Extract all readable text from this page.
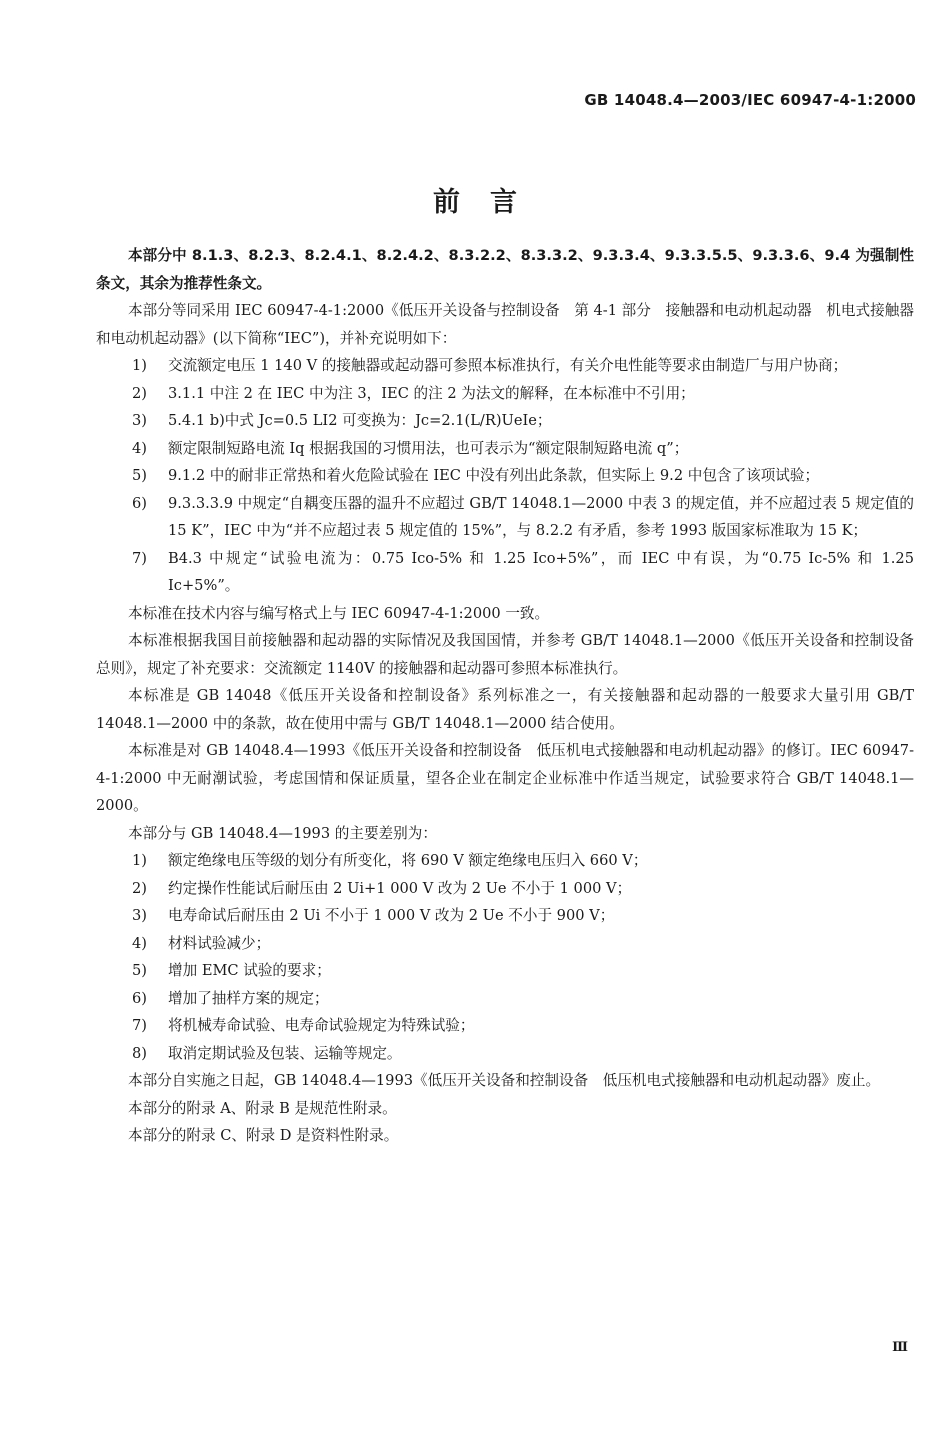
GB 14048.4—2003/IEC 60947-4-1:2000
前言

本部分中 8.1.3、8.2.3、8.2.4.1、8.2.4.2、8.3.2.2、8.3.3.2、9.3.3.4、9.3.3.5.5、9.3.3.6、9.4 为强制性条文，其余为推荐性条文。

本部分等同采用 IEC 60947-4-1:2000《低压开关设备与控制设备　第 4-1 部分　接触器和电动机起动器　机电式接触器和电动机起动器》(以下简称“IEC”)，并补充说明如下：

1)	交流额定电压 1 140 V 的接触器或起动器可参照本标准执行，有关介电性能等要求由制造厂与用户协商；
2)	3.1.1 中注 2 在 IEC 中为注 3，IEC 的注 2 为法文的解释，在本标准中不引用；
3)	5.4.1 b)中式 Jc=0.5 LI2 可变换为：Jc=2.1(L/R)UeIe；
4)	额定限制短路电流 Iq 根据我国的习惯用法，也可表示为“额定限制短路电流 q”；
5)	9.1.2 中的耐非正常热和着火危险试验在 IEC 中没有列出此条款，但实际上 9.2 中包含了该项试验；
6)	9.3.3.3.9 中规定“自耦变压器的温升不应超过 GB/T 14048.1—2000 中表 3 的规定值，并不应超过表 5 规定值的 15 K”，IEC 中为“并不应超过表 5 规定值的 15%”，与 8.2.2 有矛盾，参考 1993 版国家标准取为 15 K；
7)	B4.3 中规定“试验电流为：0.75 Ico-5% 和 1.25 Ico+5%”，而 IEC 中有误，为“0.75 Ic-5% 和 1.25 Ic+5%”。

本标准在技术内容与编写格式上与 IEC 60947-4-1:2000 一致。

本标准根据我国目前接触器和起动器的实际情况及我国国情，并参考 GB/T 14048.1—2000《低压开关设备和控制设备　总则》，规定了补充要求：交流额定 1140V 的接触器和起动器可参照本标准执行。

本标准是 GB 14048《低压开关设备和控制设备》系列标准之一，有关接触器和起动器的一般要求大量引用 GB/T 14048.1—2000 中的条款，故在使用中需与 GB/T 14048.1—2000 结合使用。

本标准是对 GB 14048.4—1993《低压开关设备和控制设备　低压机电式接触器和电动机起动器》的修订。IEC 60947-4-1:2000 中无耐潮试验，考虑国情和保证质量，望各企业在制定企业标准中作适当规定，试验要求符合 GB/T 14048.1—2000。

本部分与 GB 14048.4—1993 的主要差别为：

1)	额定绝缘电压等级的划分有所变化，将 690 V 额定绝缘电压归入 660 V；
2)	约定操作性能试后耐压由 2 Ui+1 000 V 改为 2 Ue 不小于 1 000 V；
3)	电寿命试后耐压由 2 Ui 不小于 1 000 V 改为 2 Ue 不小于 900 V；
4)	材料试验减少；
5)	增加 EMC 试验的要求；
6)	增加了抽样方案的规定；
7)	将机械寿命试验、电寿命试验规定为特殊试验；
8)	取消定期试验及包装、运输等规定。

本部分自实施之日起，GB 14048.4—1993《低压开关设备和控制设备　低压机电式接触器和电动机起动器》废止。

本部分的附录 A、附录 B 是规范性附录。

本部分的附录 C、附录 D 是资料性附录。

Ⅲ
